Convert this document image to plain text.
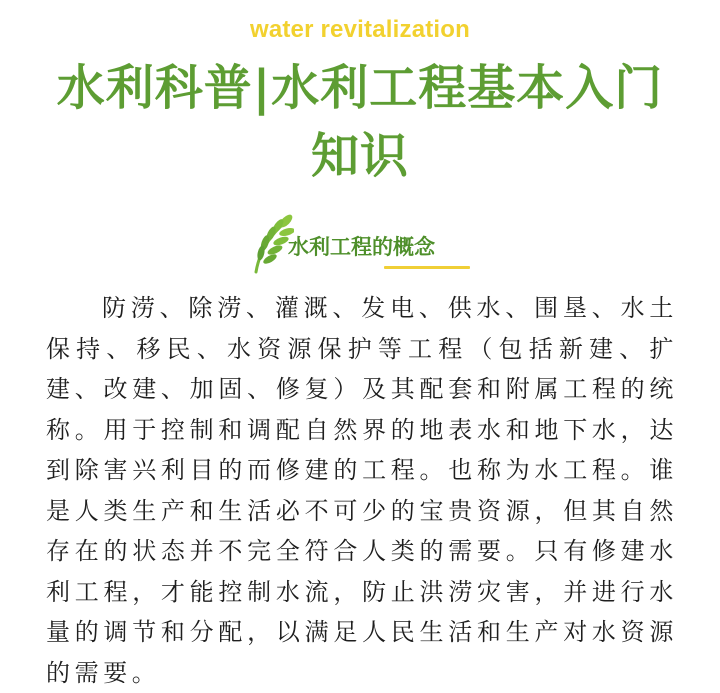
water revitalization
水利科普|水利工程基本入门知识
水利工程的概念

防涝、除涝、灌溉、发电、供水、围垦、水土保持、移民、水资源保护等工程（包括新建、扩建、改建、加固、修复）及其配套和附属工程的统称。用于控制和调配自然界的地表水和地下水，达到除害兴利目的而修建的工程。也称为水工程。谁是人类生产和生活必不可少的宝贵资源，但其自然存在的状态并不完全符合人类的需要。只有修建水利工程，才能控制水流，防止洪涝灾害，并进行水量的调节和分配，以满足人民生活和生产对水资源的需要。
